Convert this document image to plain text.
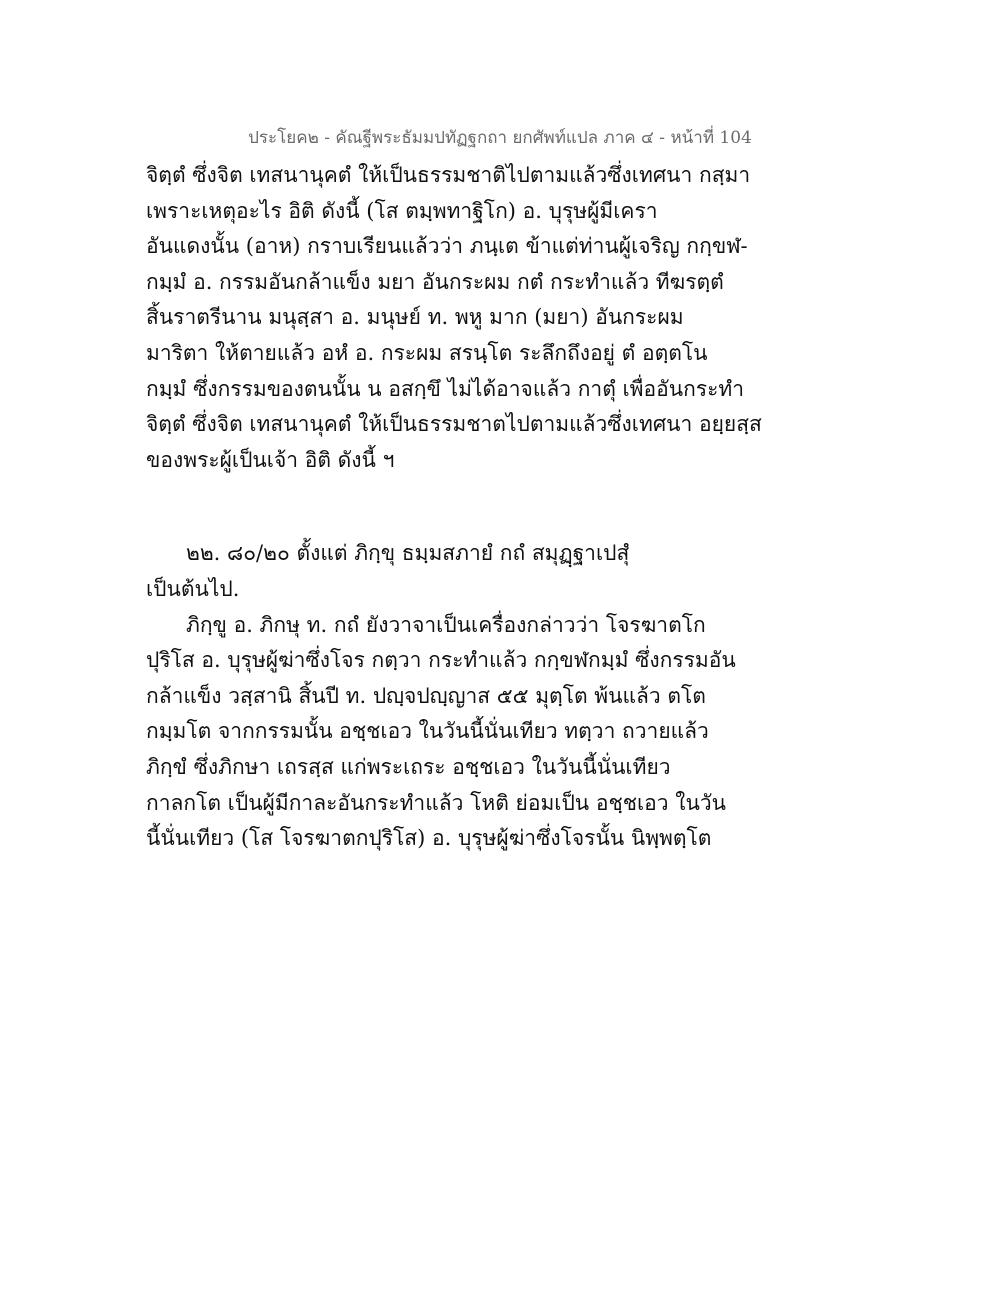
ประโยค๒ - คัณฐีพระธัมมปทัฏฐกถา ยกศัพท์แปล ภาค ๔ - หน้าที่ 104
จิตฺตํ ซึ่งจิต เทสนานุคตํ ให้เป็นธรรมชาติไปตามแล้วซึ่งเทศนา กสฺมา
เพราะเหตุอะไร อิติ ดังนี้ (โส ตมฺพทาฐิโก) อ. บุรุษผู้มีเครา
อันแดงนั้น (อาห) กราบเรียนแล้วว่า ภนฺเต ข้าแต่ท่านผู้เจริญ กกฺขฬ-
กมฺมํ อ. กรรมอันกล้าแข็ง มยา อันกระผม กตํ กระทำแล้ว ทีฆรตฺตํ
สิ้นราตรีนาน มนุสฺสา อ. มนุษย์ ท. พหู มาก (มยา) อันกระผม
มาริตา ให้ตายแล้ว อหํ อ. กระผม สรนฺโต ระลึกถึงอยู่ ตํ อตฺตโน
กมฺมํ ซึ่งกรรมของตนนั้น น อสกฺขึ ไม่ได้อาจแล้ว กาตุํ เพื่ออันกระทำ
จิตฺตํ ซึ่งจิต เทสนานุคตํ ให้เป็นธรรมชาตไปตามแล้วซึ่งเทศนา อยฺยสฺส
ของพระผู้เป็นเจ้า อิติ ดังนี้ ฯ
๒๒. ๘๐/๒๐ ตั้งแต่ ภิกฺขุ ธมฺมสภายํ กถํ สมุฏฺฐาเปสุํ
เป็นต้นไป.
ภิกฺขู อ. ภิกษุ ท. กถํ ยังวาจาเป็นเครื่องกล่าวว่า โจรฆาตโก
ปุริโส อ. บุรุษผู้ฆ่าซึ่งโจร กตฺวา กระทำแล้ว กกฺขฬกมฺมํ ซึ่งกรรมอัน
กล้าแข็ง วสฺสานิ สิ้นปี ท. ปญฺจปญฺญาส ๕๕ มุตฺโต พ้นแล้ว ตโต
กมฺมโต จากกรรมนั้น อชฺชเอว ในวันนี้นั่นเทียว ทตฺวา ถวายแล้ว
ภิกฺขํ ซึ่งภิกษา เถรสฺส แก่พระเถระ อชฺชเอว ในวันนี้นั่นเทียว
กาลกโต เป็นผู้มีกาละอันกระทำแล้ว โหติ ย่อมเป็น อชฺชเอว ในวัน
นี้นั่นเทียว (โส โจรฆาตกปุริโส) อ. บุรุษผู้ฆ่าซึ่งโจรนั้น นิพฺพตฺโต
